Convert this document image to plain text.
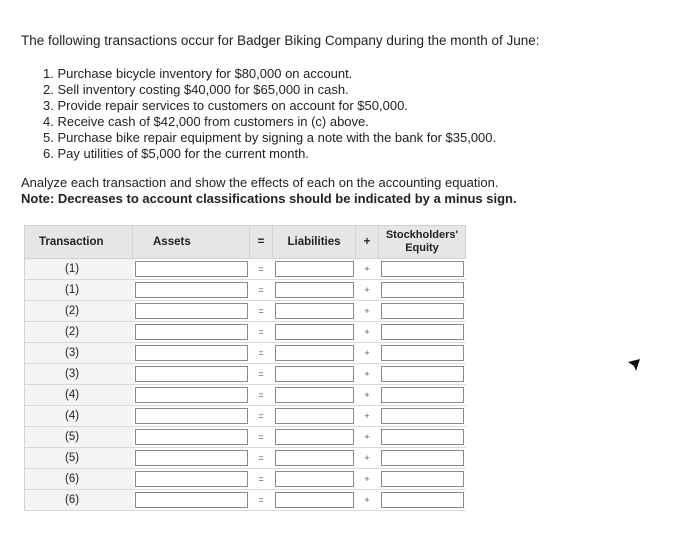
The following transactions occur for Badger Biking Company during the month of June:

1. Purchase bicycle inventory for $80,000 on account.
2. Sell inventory costing $40,000 for $65,000 in cash.
3. Provide repair services to customers on account for $50,000.
4. Receive cash of $42,000 from customers in (c) above.
5. Purchase bike repair equipment by signing a note with the bank for $35,000.
6. Pay utilities of $5,000 for the current month.
Analyze each transaction and show the effects of each on the accounting equation.
Note: Decreases to account classifications should be indicated by a minus sign.
Transaction	Assets	=	Liabilities	+	Stockholders'
Equity

(1)		=		+	
(1)		=		+	
(2)		=		+	
(2)		=		+	
(3)		=		+	
(3)		=		+	
(4)		=		+	
(4)		=		+	
(5)		=		+	
(5)		=		+	
(6)		=		+	
(6)		=		+	
